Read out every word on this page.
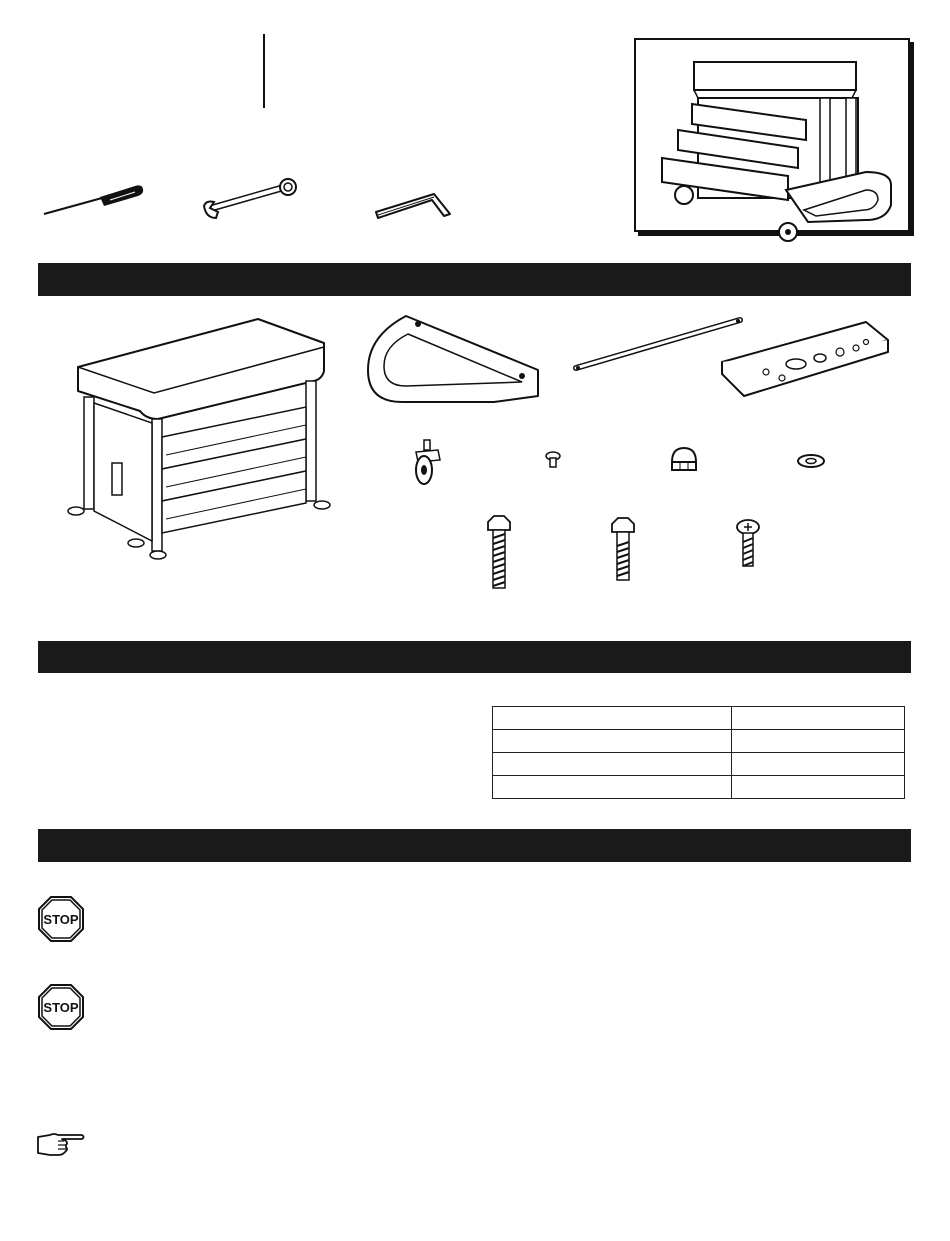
STOP
STOP
